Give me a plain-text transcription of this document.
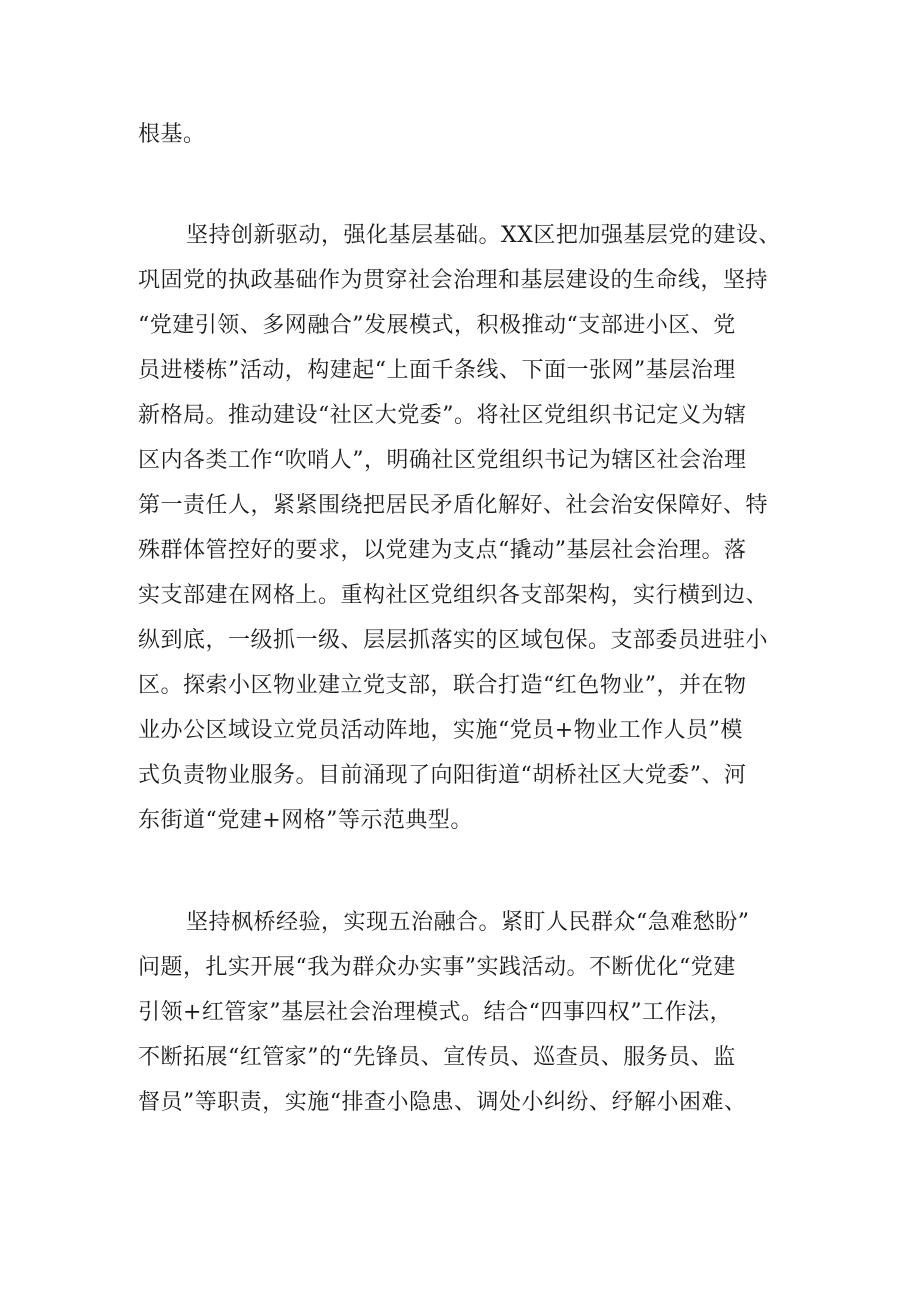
根基。
坚持创新驱动，强化基层基础。XX区把加强基层党的建设、
巩固党的执政基础作为贯穿社会治理和基层建设的生命线，坚持
“党建引领、多网融合”发展模式，积极推动“支部进小区、党
员进楼栋”活动，构建起“上面千条线、下面一张网”基层治理
新格局。推动建设“社区大党委”。将社区党组织书记定义为辖
区内各类工作“吹哨人”，明确社区党组织书记为辖区社会治理
第一责任人，紧紧围绕把居民矛盾化解好、社会治安保障好、特
殊群体管控好的要求，以党建为支点“撬动”基层社会治理。落
实支部建在网格上。重构社区党组织各支部架构，实行横到边、
纵到底，一级抓一级、层层抓落实的区域包保。支部委员进驻小
区。探索小区物业建立党支部，联合打造“红色物业”，并在物
业办公区域设立党员活动阵地，实施“党员+物业工作人员”模
式负责物业服务。目前涌现了向阳街道“胡桥社区大党委”、河
东街道“党建+网格”等示范典型。
坚持枫桥经验，实现五治融合。紧盯人民群众“急难愁盼”
问题，扎实开展“我为群众办实事”实践活动。不断优化“党建
引领+红管家”基层社会治理模式。结合“四事四权”工作法，
不断拓展“红管家”的“先锋员、宣传员、巡查员、服务员、监
督员”等职责，实施“排查小隐患、调处小纠纷、纾解小困难、
